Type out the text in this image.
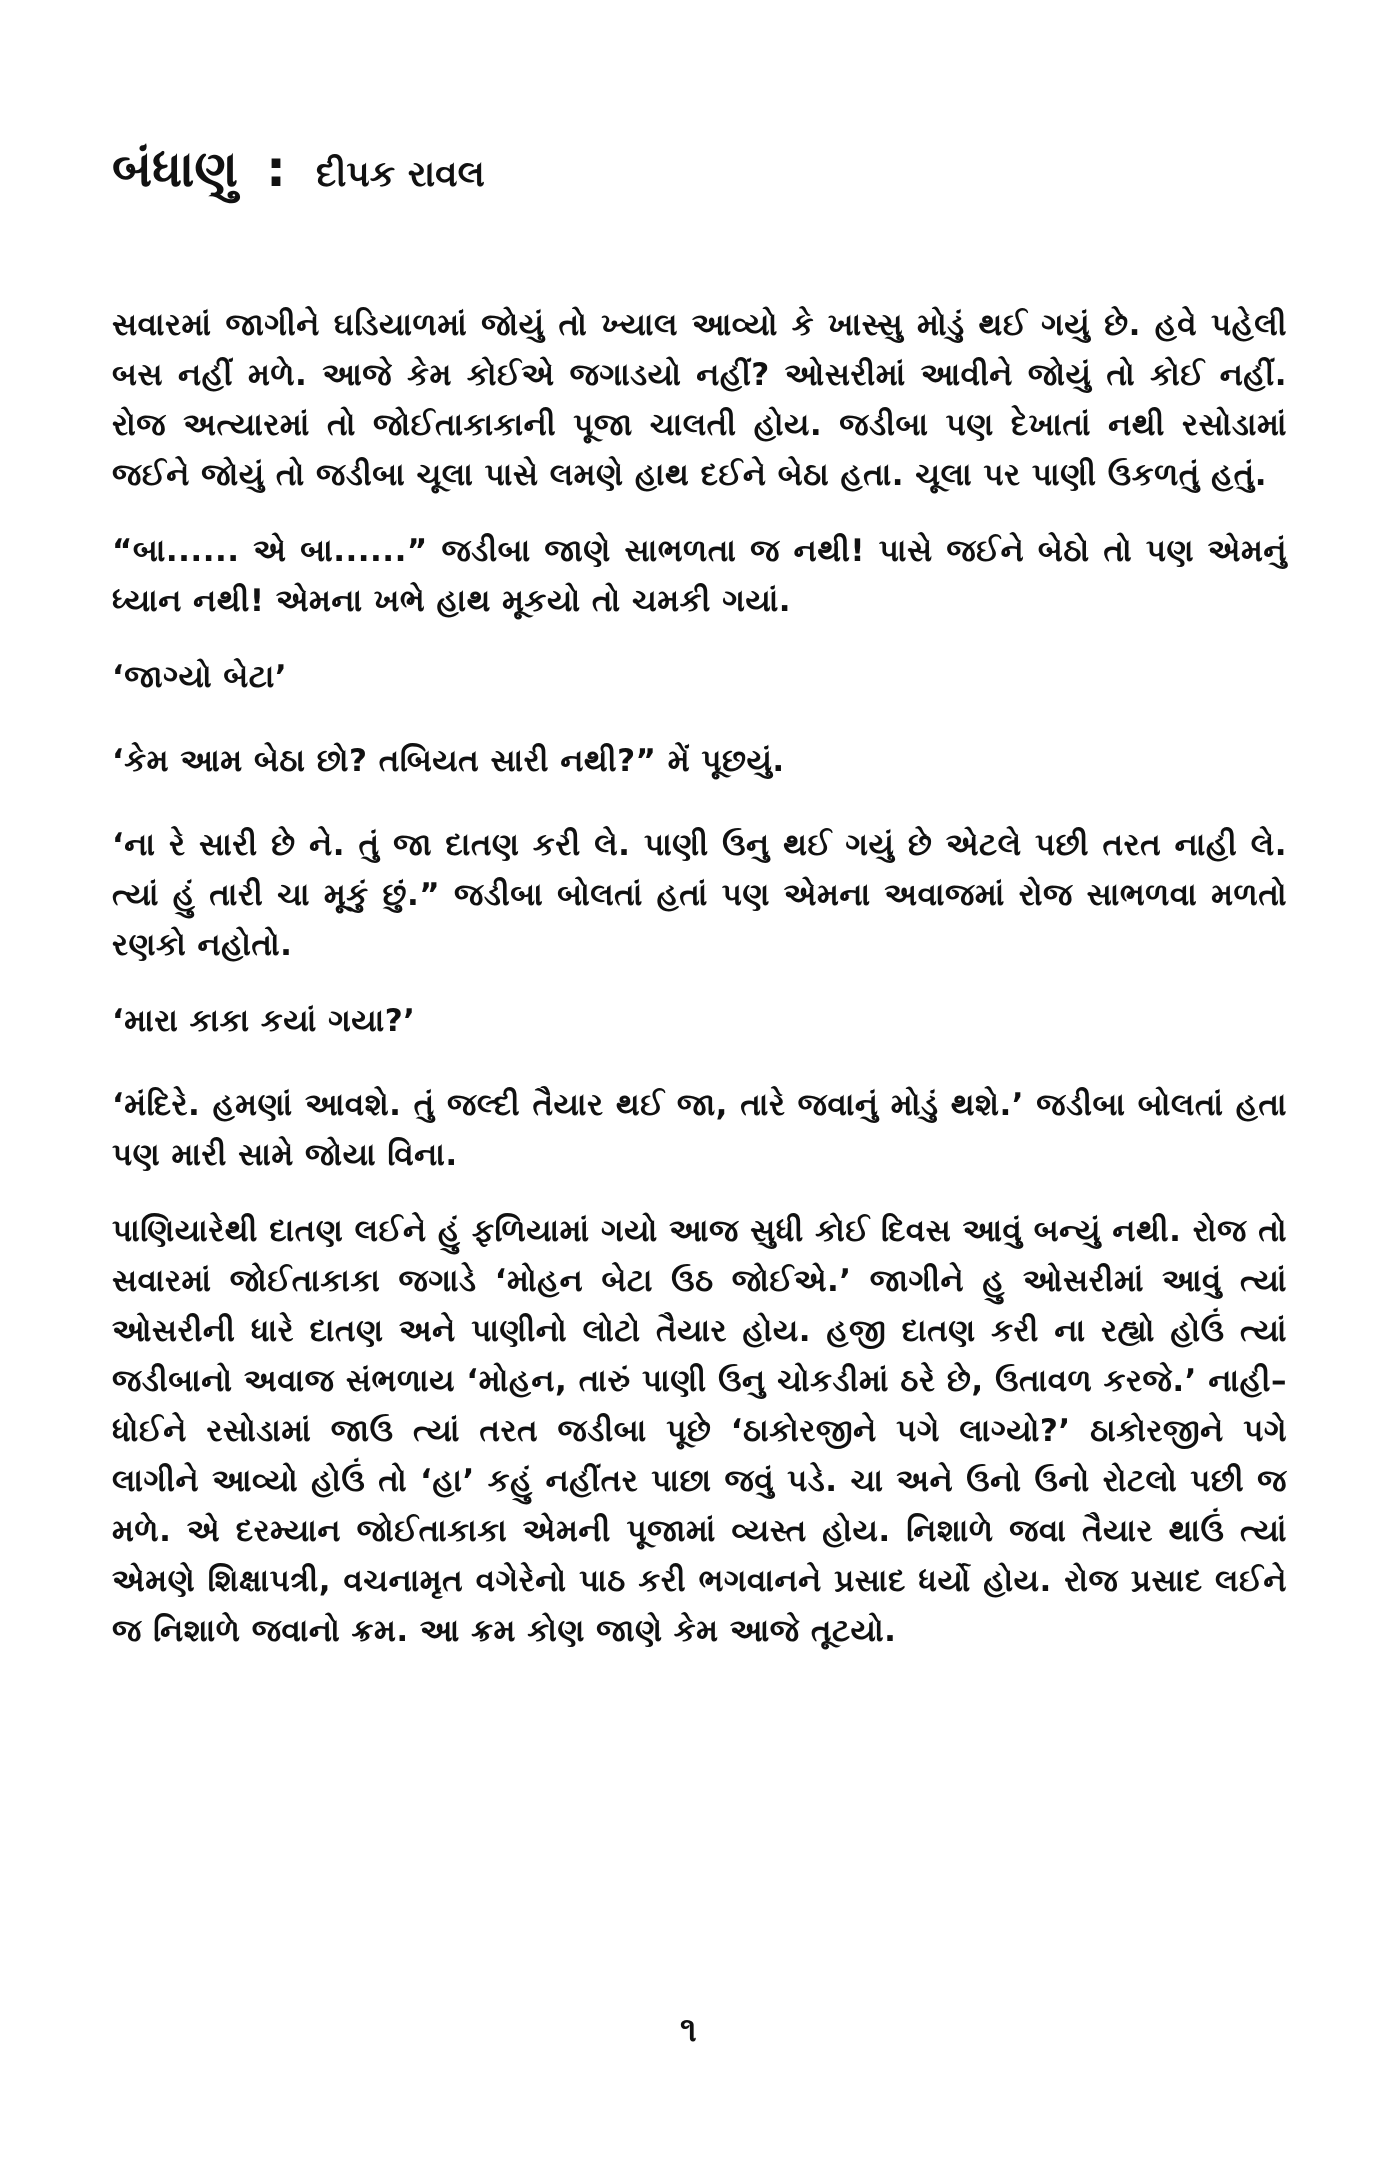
બંધાણુ : દીપક રાવલ

સવારમાં જાગીને ઘડિયાળમાં જોયું તો ખ્યાલ આવ્યો કે ખાસ્સુ મોડું થઈ ગયું છે. હવે પહેલી બસ નહીં મળે. આજે કેમ કોઈએ જગાડયો નહીં? ઓસરીમાં આવીને જોયું તો કોઈ નહીં. રોજ અત્યારમાં તો જોઈતાકાકાની પૂજા ચાલતી હોય. જડીબા પણ દેખાતાં નથી રસોડામાં જઈને જોયું તો જડીબા ચૂલા પાસે લમણે હાથ દઈને બેઠા હતા. ચૂલા પર પાણી ઉકળતું હતું.

“બા...... એ બા......” જડીબા જાણે સાભળતા જ નથી! પાસે જઈને બેઠો તો પણ એમનું ધ્યાન નથી! એમના ખભે હાથ મૂકયો તો ચમકી ગયાં.

‘જાગ્યો બેટા’

‘કેમ આમ બેઠા છો? તબિયત સારી નથી?” મેં પૂછયું.

‘ના રે સારી છે ને. તું જા દાતણ કરી લે. પાણી ઉનુ થઈ ગયું છે એટલે પછી તરત નાહી લે. ત્યાં હું તારી ચા મૂકું છું.” જડીબા બોલતાં હતાં પણ એમના અવાજમાં રોજ સાભળવા મળતો રણકો નહોતો.

‘મારા કાકા કયાં ગયા?’

‘મંદિરે. હમણાં આવશે. તું જલ્દી તૈયાર થઈ જા, તારે જવાનું મોડું થશે.’ જડીબા બોલતાં હતા પણ મારી સામે જોયા વિના.

પાણિયારેથી દાતણ લઈને હું ફળિયામાં ગયો આજ સુધી કોઈ દિવસ આવું બન્યું નથી. રોજ તો સવારમાં જોઈતાકાકા જગાડે ‘મોહન બેટા ઉઠ જોઈએ.’ જાગીને હુ ઓસરીમાં આવું ત્યાં ઓસરીની ધારે દાતણ અને પાણીનો લોટો તૈયાર હોય. હજી દાતણ કરી ના રહ્યો હોઉં ત્યાં જડીબાનો અવાજ સંભળાય ‘મોહન, તારું પાણી ઉનુ ચોકડીમાં ઠરે છે, ઉતાવળ કરજે.’ નાહી–ધોઈને રસોડામાં જાઉ ત્યાં તરત જડીબા પૂછે ‘ઠાકોરજીને પગે લાગ્યો?’ ઠાકોરજીને પગે લાગીને આવ્યો હોઉં તો ‘હા’ કહું નહીંતર પાછા જવું પડે. ચા અને ઉનો ઉનો રોટલો પછી જ મળે. એ દરમ્યાન જોઈતાકાકા એમની પૂજામાં વ્યસ્ત હોય. નિશાળે જવા તૈયાર થાઉં ત્યાં એમણે શિક્ષાપત્રી, વચનામૃત વગેરેનો પાઠ કરી ભગવાનને પ્રસાદ ધર્યો હોય. રોજ પ્રસાદ લઈને જ નિશાળે જવાનો ક્રમ. આ ક્રમ કોણ જાણે કેમ આજે તૂટયો.

૧
